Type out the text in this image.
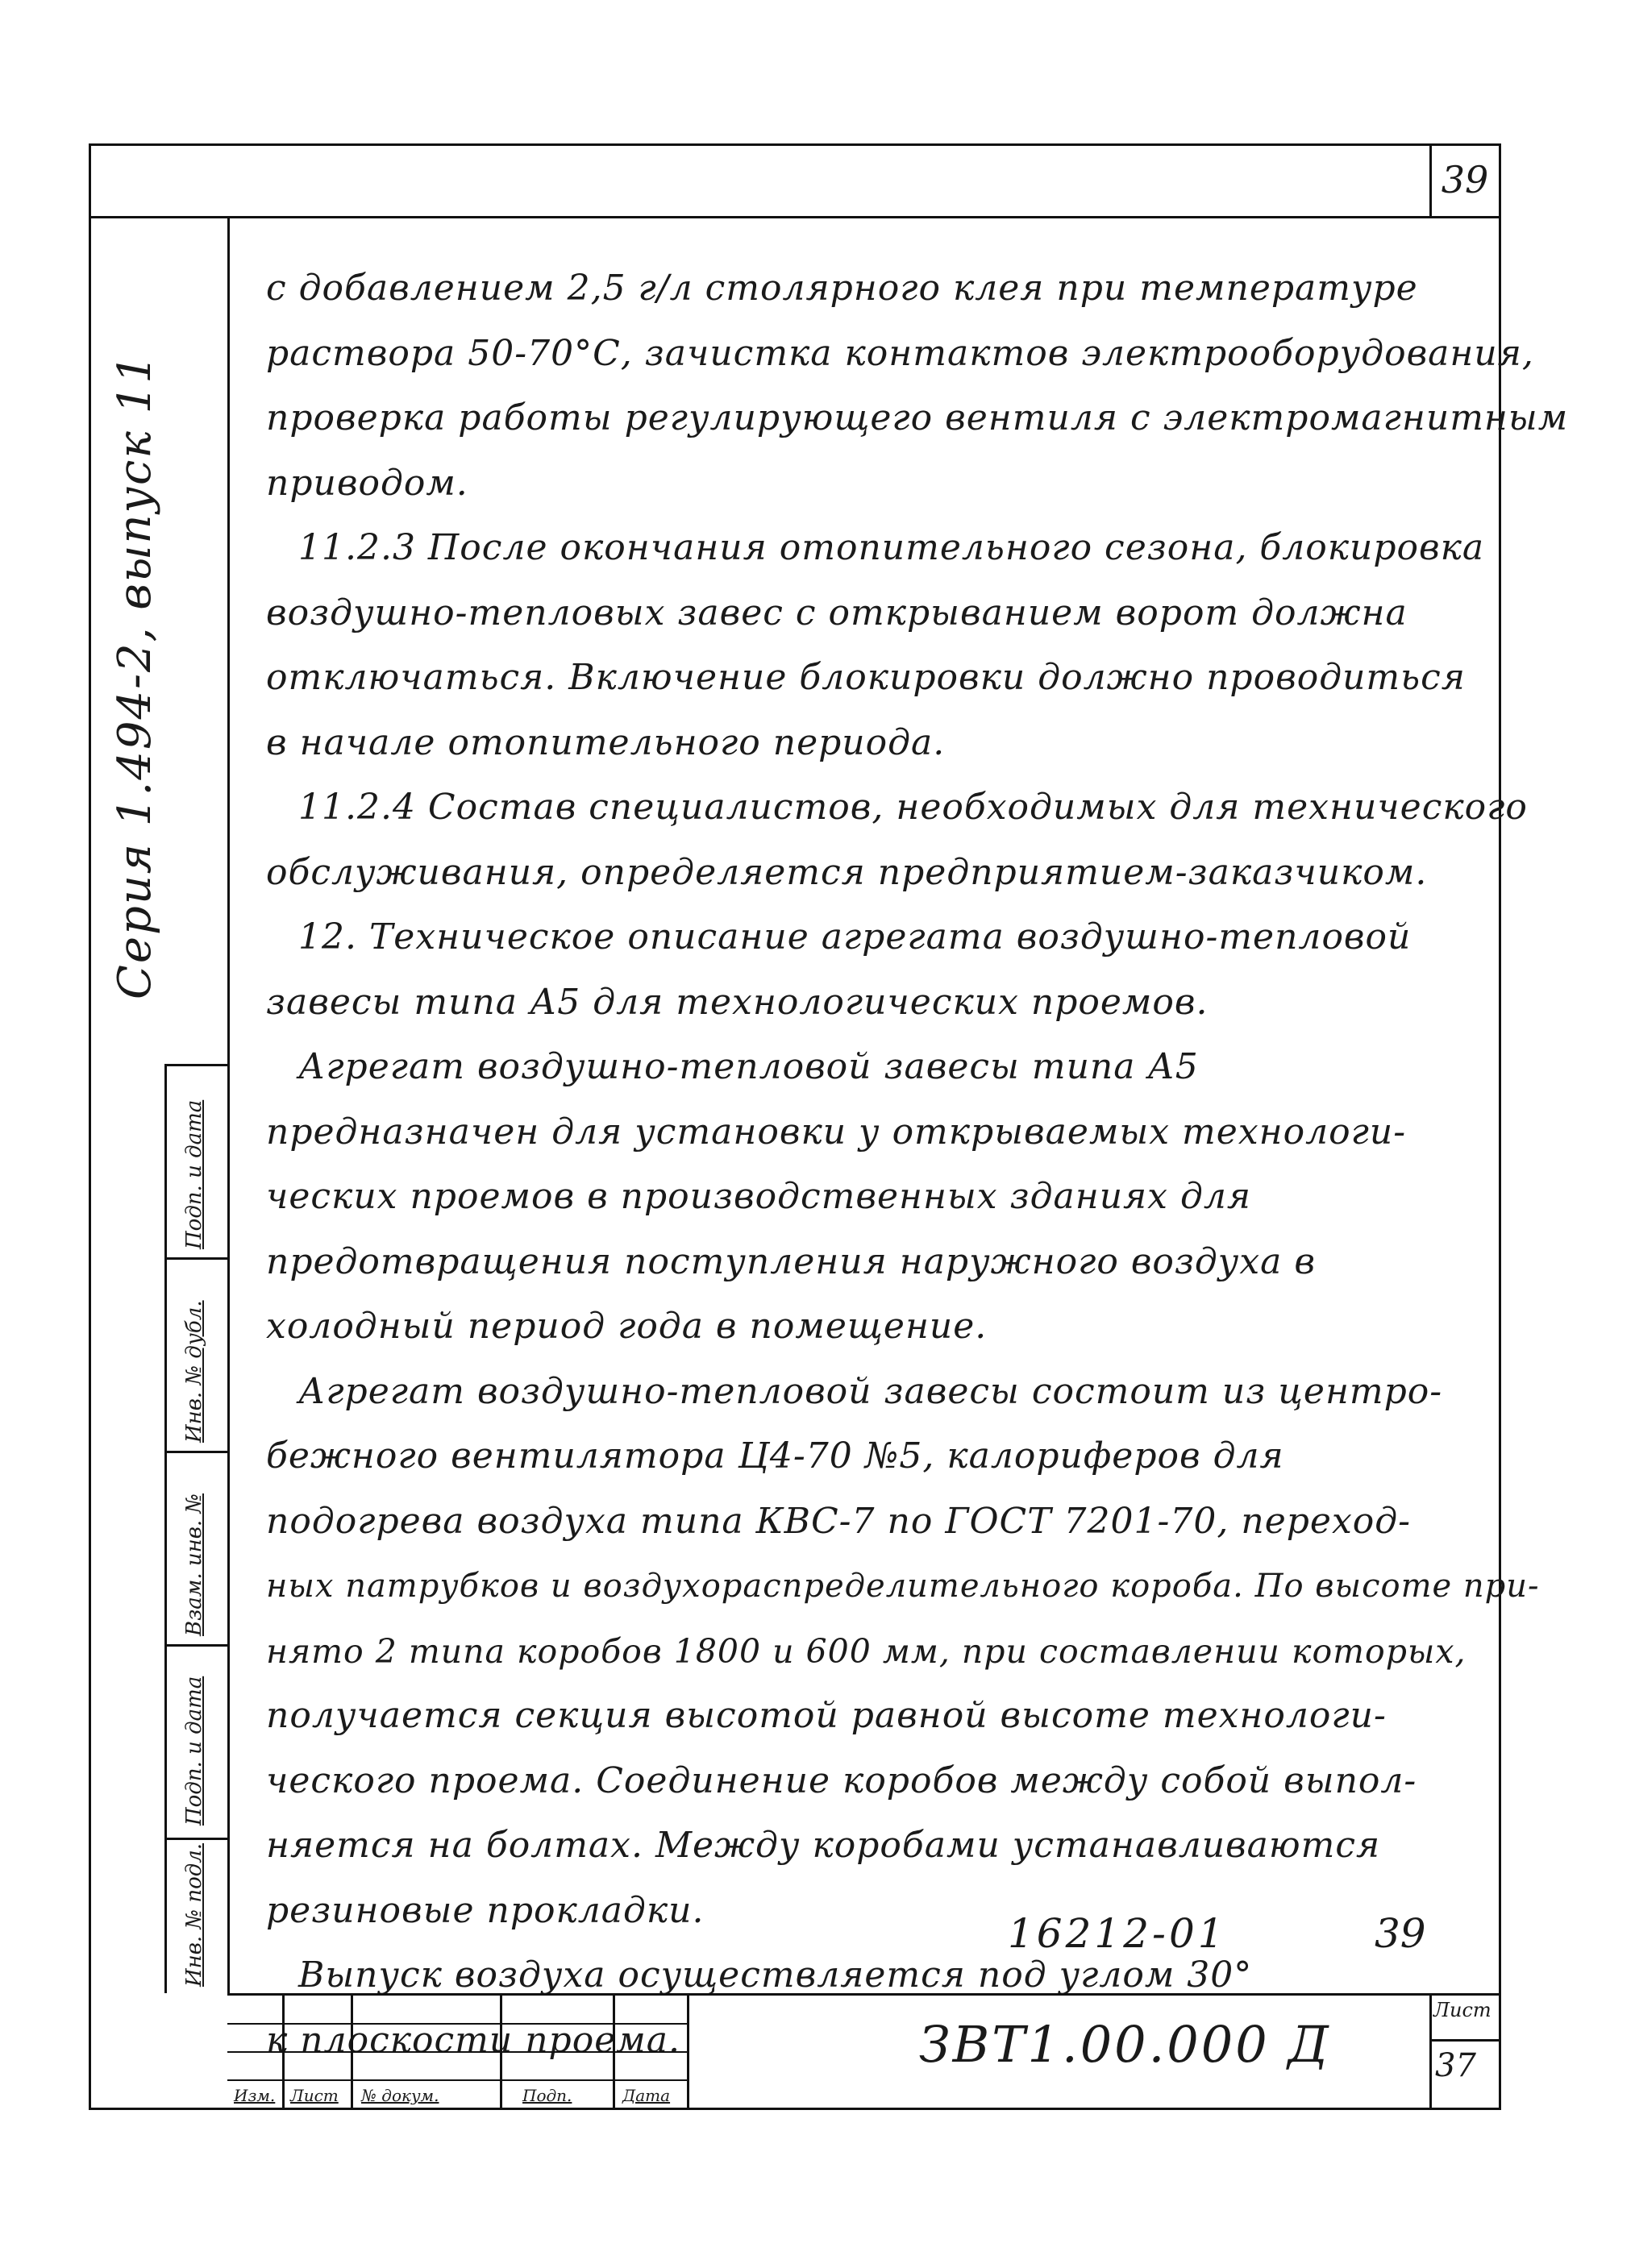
39
Серия 1.494-2, выпуск 11
Инв. № подл.
Подп. и дата
Взам. инв. №
Инв. № дубл.
Подп. и дата
с добавлением 2,5 г/л столярного клея при температуре
раствора 50-70°С, зачистка контактов электрооборудования,
проверка работы регулирующего вентиля с электромагнитным
приводом.
11.2.3 После окончания отопительного сезона, блокировка
воздушно-тепловых завес с открыванием ворот должна
отключаться. Включение блокировки должно проводиться
в начале отопительного периода.
11.2.4 Состав специалистов, необходимых для технического
обслуживания, определяется предприятием-заказчиком.
12. Техническое описание агрегата воздушно-тепловой
завесы типа А5 для технологических проемов.
Агрегат воздушно-тепловой завесы типа А5
предназначен для установки у открываемых технологи-
ческих проемов в производственных зданиях для
предотвращения поступления наружного воздуха в
холодный период года в помещение.
Агрегат воздушно-тепловой завесы состоит из центро-
бежного вентилятора Ц4-70 №5, калориферов для
подогрева воздуха типа КВС-7 по ГОСТ 7201-70, переход-
ных патрубков и воздухораспределительного короба. По высоте при-
нято 2 типа коробов 1800 и 600 мм, при составлении которых,
получается секция высотой равной высоте технологи-
ческого проема. Соединение коробов между собой выпол-
няется на болтах. Между коробами устанавливаются
резиновые прокладки.
Выпуск воздуха осуществляется под углом 30°
к плоскости проема.
16212-01	39
Изм. Лист № докум.	Подп.	Дата
ЗВТ1.00.000 Д
Лист
37
